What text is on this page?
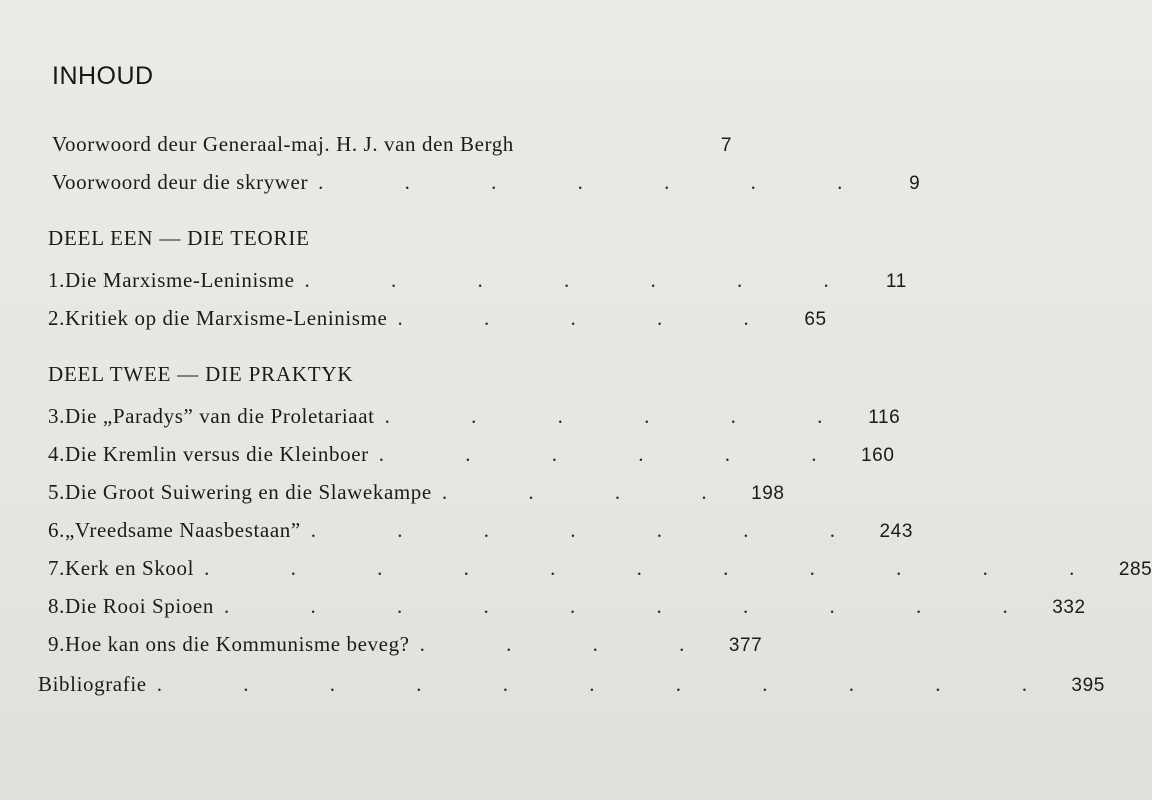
INHOUD
Voorwoord deur Generaal-maj. H. J. van den Bergh	7
Voorwoord deur die skrywer . . . . . . .	9
DEEL EEN — DIE TEORIE
1. Die Marxisme-Leninisme . . . . . . .	11
2. Kritiek op die Marxisme-Leninisme . . . . . 65
DEEL TWEE — DIE PRAKTYK
3. Die „Paradys” van die Proletariaat . . . . . . 116
4. Die Kremlin versus die Kleinboer . . . . . . 160
5. Die Groot Suiwering en die Slawekampe . . . . 198
6. „Vreedsame Naasbestaan” . . . . . . . 243
7. Kerk en Skool . . . . . . . . . . . 285
8. Die Rooi Spioen . . . . . . . . . . 332
9. Hoe kan ons die Kommunisme beveg? . . . . 377
Bibliografie . . . . . . . . . . . 395
